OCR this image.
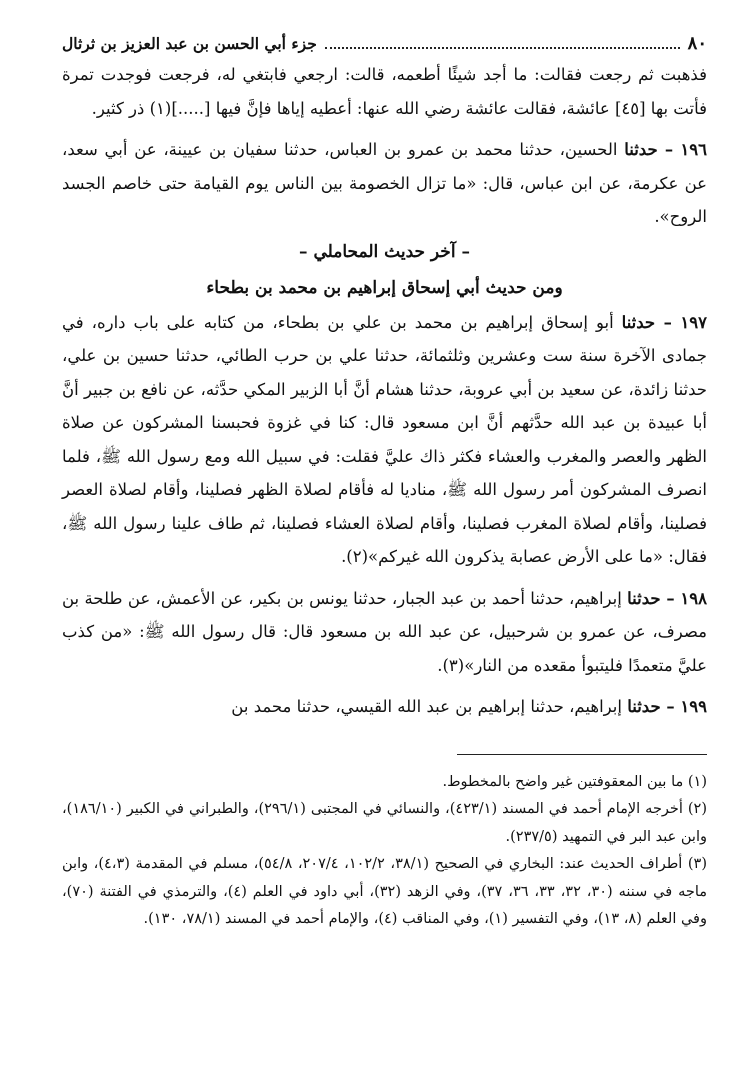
٨٠
جزء أبي الحسن بن عبد العزيز بن ثرثال

فذهبت ثم رجعت فقالت: ما أجد شيئًا أطعمه، قالت: ارجعي فابتغي له، فرجعت فوجدت تمرة فأتت بها [٤٥] عائشة، فقالت عائشة رضي الله عنها: أعطيه إياها فإنَّ فيها [.....](١) ذر كثير.

١٩٦ – حدثنا الحسين، حدثنا محمد بن عمرو بن العباس، حدثنا سفيان بن عيينة، عن أبي سعد، عن عكرمة، عن ابن عباس، قال: «ما تزال الخصومة بين الناس يوم القيامة حتى خاصم الجسد الروح».

– آخر حديث المحاملي –

ومن حديث أبي إسحاق إبراهيم بن محمد بن بطحاء

١٩٧ – حدثنا أبو إسحاق إبراهيم بن محمد بن علي بن بطحاء، من كتابه على باب داره، في جمادى الآخرة سنة ست وعشرين وثلثمائة، حدثنا علي بن حرب الطائي، حدثنا حسين بن علي، حدثنا زائدة، عن سعيد بن أبي عروبة، حدثنا هشام أنَّ أبا الزبير المكي حدَّثه، عن نافع بن جبير أنَّ أبا عبيدة بن عبد الله حدَّثهم أنَّ ابن مسعود قال: كنا في غزوة فحبسنا المشركون عن صلاة الظهر والعصر والمغرب والعشاء فكثر ذاك عليَّ فقلت: في سبيل الله ومع رسول الله ﷺ، فلما انصرف المشركون أمر رسول الله ﷺ، مناديا له فأقام لصلاة الظهر فصلينا، وأقام لصلاة العصر فصلينا، وأقام لصلاة المغرب فصلينا، وأقام لصلاة العشاء فصلينا، ثم طاف علينا رسول الله ﷺ، فقال: «ما على الأرض عصابة يذكرون الله غيركم»(٢).

١٩٨ – حدثنا إبراهيم، حدثنا أحمد بن عبد الجبار، حدثنا يونس بن بكير، عن الأعمش، عن طلحة بن مصرف، عن عمرو بن شرحبيل، عن عبد الله بن مسعود قال: قال رسول الله ﷺ: «من كذب عليَّ متعمدًا فليتبوأ مقعده من النار»(٣).

١٩٩ – حدثنا إبراهيم، حدثنا إبراهيم بن عبد الله القيسي، حدثنا محمد بن

(١) ما بين المعقوفتين غير واضح بالمخطوط.

(٢) أخرجه الإمام أحمد في المسند (٤٢٣/١)، والنسائي في المجتبى (٢٩٦/١)، والطبراني في الكبير (١٨٦/١٠)، وابن عبد البر في التمهيد (٢٣٧/٥).

(٣) أطراف الحديث عند: البخاري في الصحيح (٣٨/١، ١٠٢/٢، ٢٠٧/٤، ٥٤/٨)، مسلم في المقدمة (٤،٣)، وابن ماجه في سننه (٣٠، ٣٢، ٣٣، ٣٦، ٣٧)، وفي الزهد (٣٢)، أبي داود في العلم (٤)، والترمذي في الفتنة (٧٠)، وفي العلم (٨، ١٣)، وفي التفسير (١)، وفي المناقب (٤)، والإمام أحمد في المسند (٧٨/١، ١٣٠).
